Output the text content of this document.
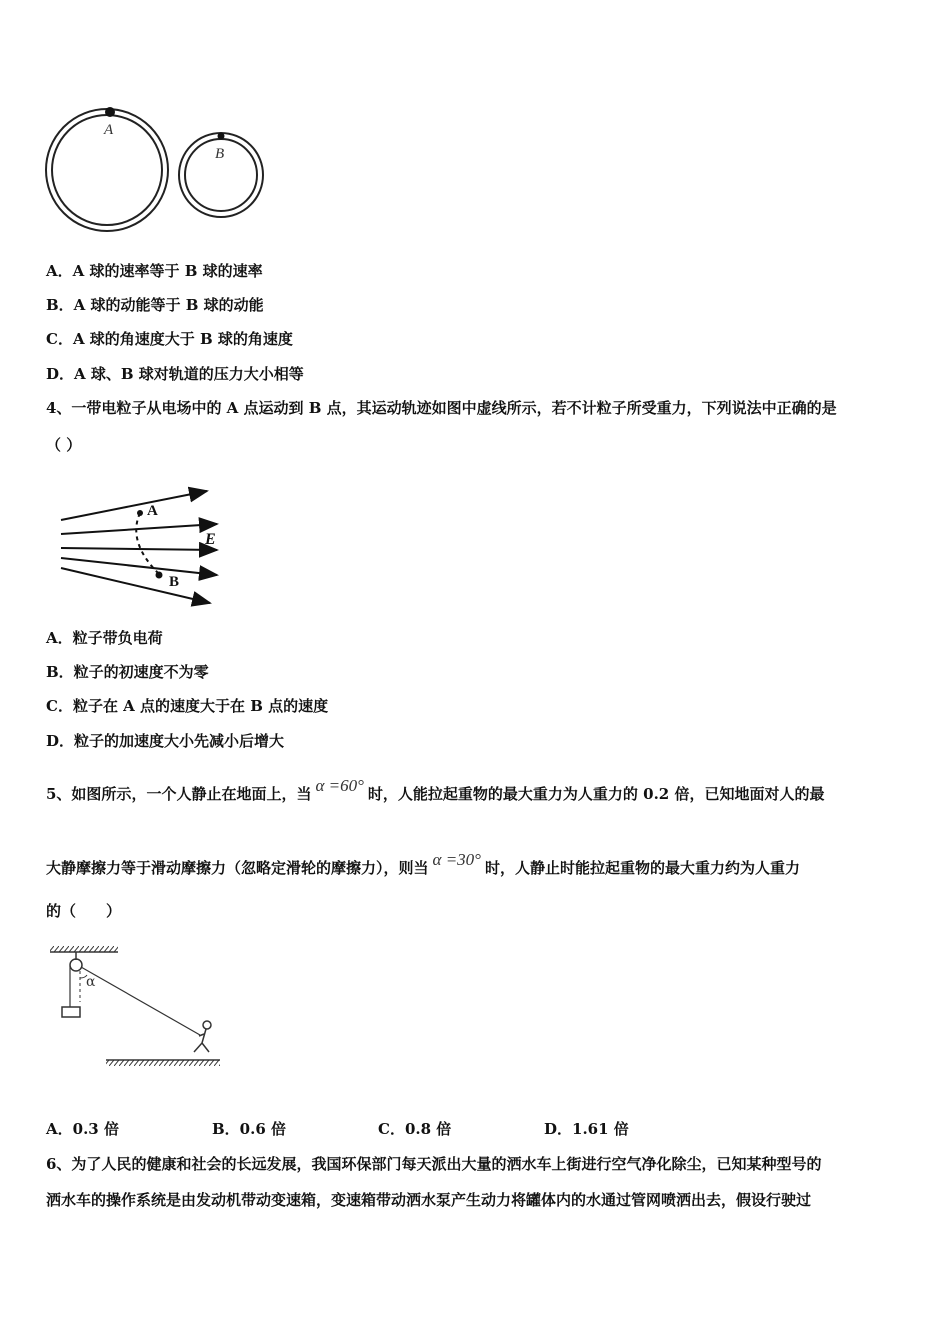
A
B
A．A 球的速率等于 B 球的速率
B．A 球的动能等于 B 球的动能
C．A 球的角速度大于 B 球的角速度
D．A 球、B 球对轨道的压力大小相等
4、一带电粒子从电场中的 A 点运动到 B 点，其运动轨迹如图中虚线所示，若不计粒子所受重力，下列说法中正确的是
（ ）
A
B
E
A．粒子带负电荷
B．粒子的初速度不为零
C．粒子在 A 点的速度大于在 B 点的速度
D．粒子的加速度大小先减小后增大
5、如图所示，一个人静止在地面上，当 α =60° 时，人能拉起重物的最大重力为人重力的 0.2 倍，已知地面对人的最
大静摩擦力等于滑动摩擦力（忽略定滑轮的摩擦力），则当 α =30° 时，人静止时能拉起重物的最大重力约为人重力
的（　　）
α
A．0.3 倍	B．0.6 倍	C．0.8 倍	D．1.61 倍
6、为了人民的健康和社会的长远发展，我国环保部门每天派出大量的洒水车上街进行空气净化除尘，已知某种型号的
洒水车的操作系统是由发动机带动变速箱，变速箱带动洒水泵产生动力将罐体内的水通过管网喷洒出去，假设行驶过
